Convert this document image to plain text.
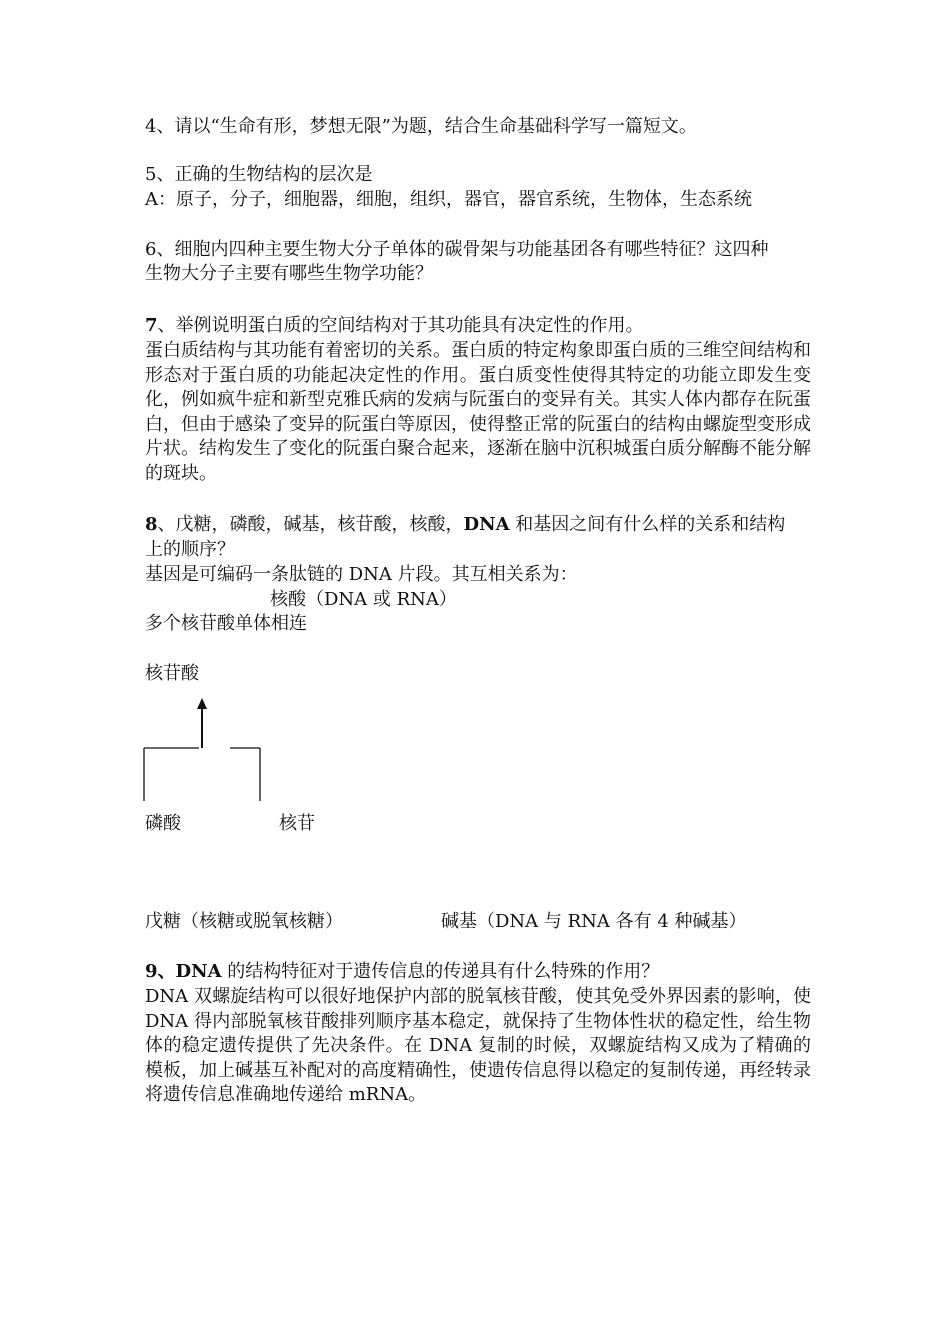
4、请以“生命有形，梦想无限”为题，结合生命基础科学写一篇短文。
5、正确的生物结构的层次是
A：原子，分子，细胞器，细胞，组织，器官，器官系统，生物体，生态系统
6、细胞内四种主要生物大分子单体的碳骨架与功能基团各有哪些特征？这四种
生物大分子主要有哪些生物学功能？
7、举例说明蛋白质的空间结构对于其功能具有决定性的作用。
蛋白质结构与其功能有着密切的关系。蛋白质的特定构象即蛋白质的三维空间结构和形态对于蛋白质的功能起决定性的作用。蛋白质变性使得其特定的功能立即发生变化，例如疯牛症和新型克雅氏病的发病与阮蛋白的变异有关。其实人体内都存在阮蛋白，但由于感染了变异的阮蛋白等原因，使得整正常的阮蛋白的结构由螺旋型变形成片状。结构发生了变化的阮蛋白聚合起来，逐渐在脑中沉积城蛋白质分解酶不能分解的斑块。
8、戊糖，磷酸，碱基，核苷酸，核酸，DNA 和基因之间有什么样的关系和结构
上的顺序？
基因是可编码一条肽链的 DNA 片段。其互相关系为：
核酸（DNA 或 RNA）
多个核苷酸单体相连
核苷酸
磷酸	核苷
戊糖（核糖或脱氧核糖）	碱基（DNA 与 RNA 各有 4 种碱基）
9、DNA 的结构特征对于遗传信息的传递具有什么特殊的作用？
DNA 双螺旋结构可以很好地保护内部的脱氧核苷酸，使其免受外界因素的影响，使 DNA 得内部脱氧核苷酸排列顺序基本稳定，就保持了生物体性状的稳定性，给生物体的稳定遗传提供了先决条件。在 DNA 复制的时候，双螺旋结构又成为了精确的模板，加上碱基互补配对的高度精确性，使遗传信息得以稳定的复制传递，再经转录将遗传信息准确地传递给 mRNA。
